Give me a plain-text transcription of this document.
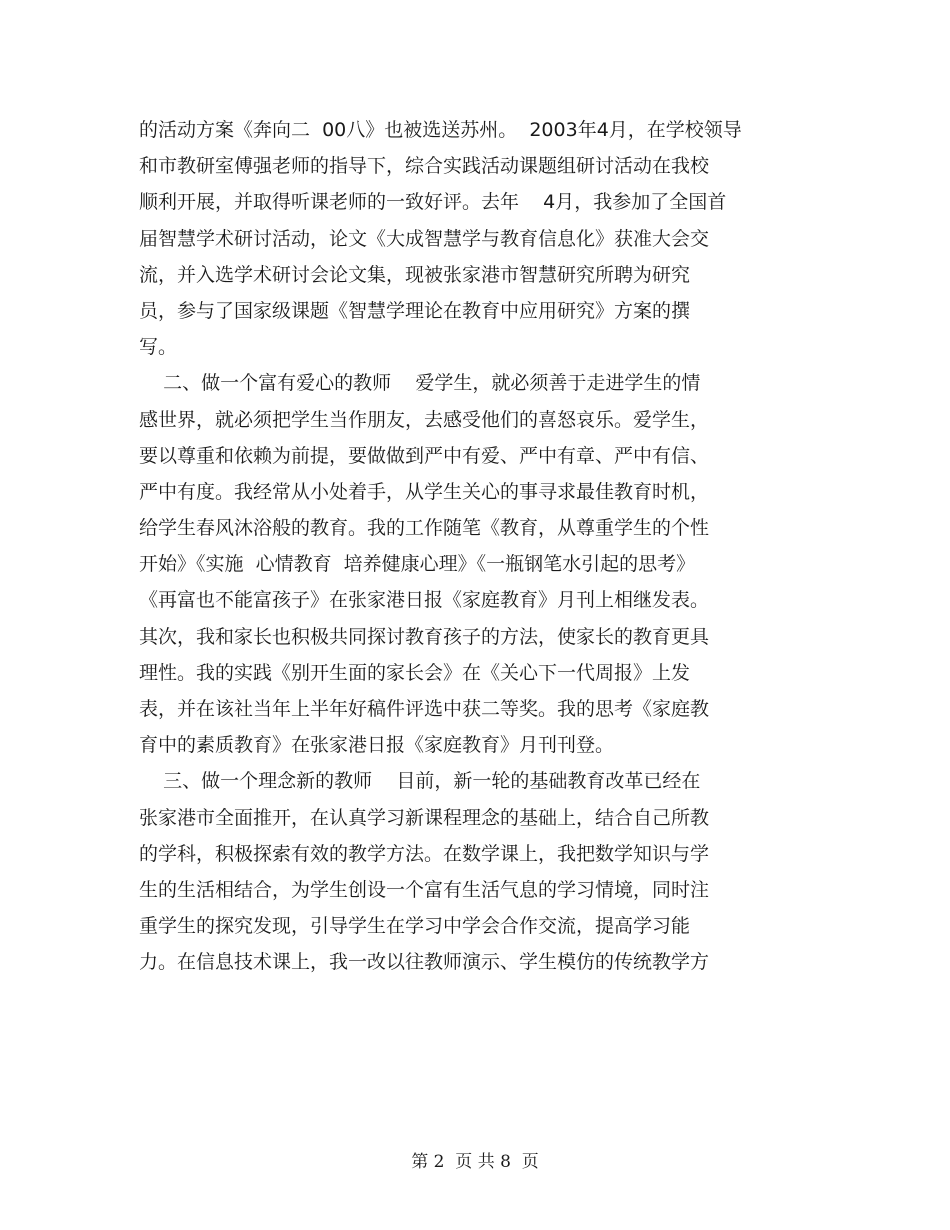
的活动方案《奔向二  00八》也被选送苏州。  2003年4月，在学校领导
和市教研室傅强老师的指导下，综合实践活动课题组研讨活动在我校
顺利开展，并取得听课老师的一致好评。去年    4月，我参加了全国首
届智慧学术研讨活动，论文《大成智慧学与教育信息化》获准大会交
流，并入选学术研讨会论文集，现被张家港市智慧研究所聘为研究
员，参与了国家级课题《智慧学理论在教育中应用研究》方案的撰
写。
二、做一个富有爱心的教师    爱学生，就必须善于走进学生的情
感世界，就必须把学生当作朋友，去感受他们的喜怒哀乐。爱学生，
要以尊重和依赖为前提，要做做到严中有爱、严中有章、严中有信、
严中有度。我经常从小处着手，从学生关心的事寻求最佳教育时机，
给学生春风沐浴般的教育。我的工作随笔《教育，从尊重学生的个性
开始》《实施  心情教育  培养健康心理》《一瓶钢笔水引起的思考》
《再富也不能富孩子》在张家港日报《家庭教育》月刊上相继发表。
其次，我和家长也积极共同探讨教育孩子的方法，使家长的教育更具
理性。我的实践《别开生面的家长会》在《关心下一代周报》上发
表，并在该社当年上半年好稿件评选中获二等奖。我的思考《家庭教
育中的素质教育》在张家港日报《家庭教育》月刊刊登。
三、做一个理念新的教师    目前，新一轮的基础教育改革已经在
张家港市全面推开，在认真学习新课程理念的基础上，结合自己所教
的学科，积极探索有效的教学方法。在数学课上，我把数学知识与学
生的生活相结合，为学生创设一个富有生活气息的学习情境，同时注
重学生的探究发现，引导学生在学习中学会合作交流，提高学习能
力。在信息技术课上，我一改以往教师演示、学生模仿的传统教学方
第 2  页 共 8  页
